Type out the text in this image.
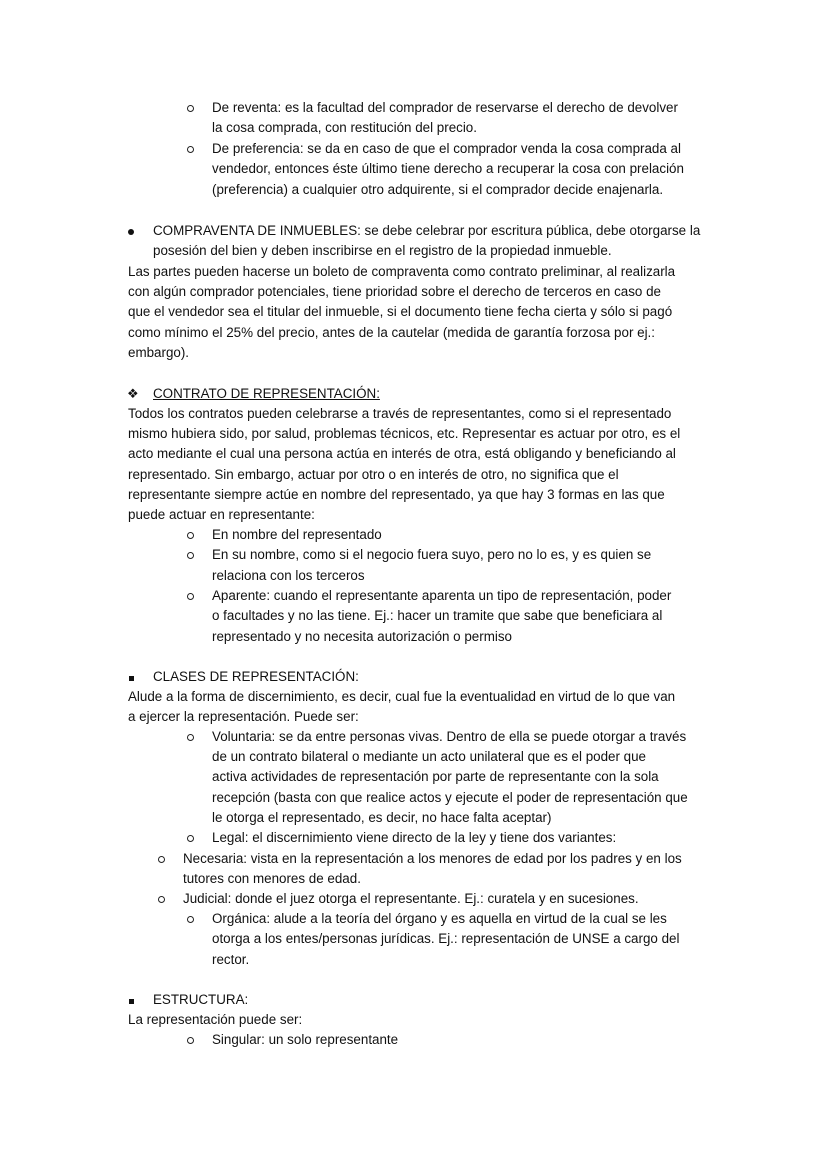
De reventa: es la facultad del comprador de reservarse el derecho de devolver
la cosa comprada, con restitución del precio.
De preferencia: se da en caso de que el comprador venda la cosa comprada al
vendedor, entonces éste último tiene derecho a recuperar la cosa con prelación
(preferencia) a cualquier otro adquirente, si el comprador decide enajenarla.
COMPRAVENTA DE INMUEBLES: se debe celebrar por escritura pública, debe otorgarse la
posesión del bien y deben inscribirse en el registro de la propiedad inmueble.
Las partes pueden hacerse un boleto de compraventa como contrato preliminar, al realizarla
con algún comprador potenciales, tiene prioridad sobre el derecho de terceros en caso de
que el vendedor sea el titular del inmueble, si el documento tiene fecha cierta y sólo si pagó
como mínimo el 25% del precio, antes de la cautelar (medida de garantía forzosa por ej.:
embargo).
❖ CONTRATO DE REPRESENTACIÓN:
Todos los contratos pueden celebrarse a través de representantes, como si el representado
mismo hubiera sido, por salud, problemas técnicos, etc. Representar es actuar por otro, es el
acto mediante el cual una persona actúa en interés de otra, está obligando y beneficiando al
representado. Sin embargo, actuar por otro o en interés de otro, no significa que el
representante siempre actúe en nombre del representado, ya que hay 3 formas en las que
puede actuar en representante:
En nombre del representado
En su nombre, como si el negocio fuera suyo, pero no lo es, y es quien se
relaciona con los terceros
Aparente: cuando el representante aparenta un tipo de representación, poder
o facultades y no las tiene. Ej.: hacer un tramite que sabe que beneficiara al
representado y no necesita autorización o permiso
CLASES DE REPRESENTACIÓN:
Alude a la forma de discernimiento, es decir, cual fue la eventualidad en virtud de lo que van
a ejercer la representación. Puede ser:
Voluntaria: se da entre personas vivas. Dentro de ella se puede otorgar a través
de un contrato bilateral o mediante un acto unilateral que es el poder que
activa actividades de representación por parte de representante con la sola
recepción (basta con que realice actos y ejecute el poder de representación que
le otorga el representado, es decir, no hace falta aceptar)
Legal: el discernimiento viene directo de la ley y tiene dos variantes:
Necesaria: vista en la representación a los menores de edad por los padres y en los
tutores con menores de edad.
Judicial: donde el juez otorga el representante. Ej.: curatela y en sucesiones.
Orgánica: alude a la teoría del órgano y es aquella en virtud de la cual se les
otorga a los entes/personas jurídicas. Ej.: representación de UNSE a cargo del
rector.
ESTRUCTURA:
La representación puede ser:
Singular: un solo representante
